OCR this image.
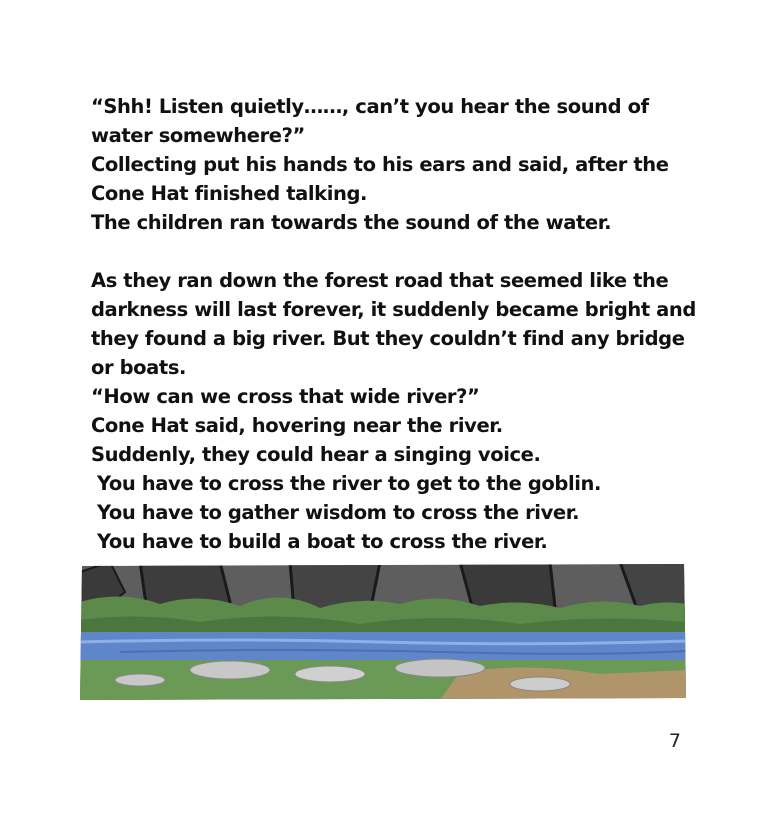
“Shh! Listen quietly……, can’t you hear the sound of
water somewhere?”
Collecting put his hands to his ears and said, after the
Cone Hat finished talking.
The children ran towards the sound of the water.
As they ran down the forest road that seemed like the
darkness will last forever, it suddenly became bright and
they found a big river. But they couldn’t find any bridge
or boats.
“How can we cross that wide river?”
Cone Hat said, hovering near the river.
Suddenly, they could hear a singing voice.
You have to cross the river to get to the goblin.
You have to gather wisdom to cross the river.
You have to build a boat to cross the river.
7
